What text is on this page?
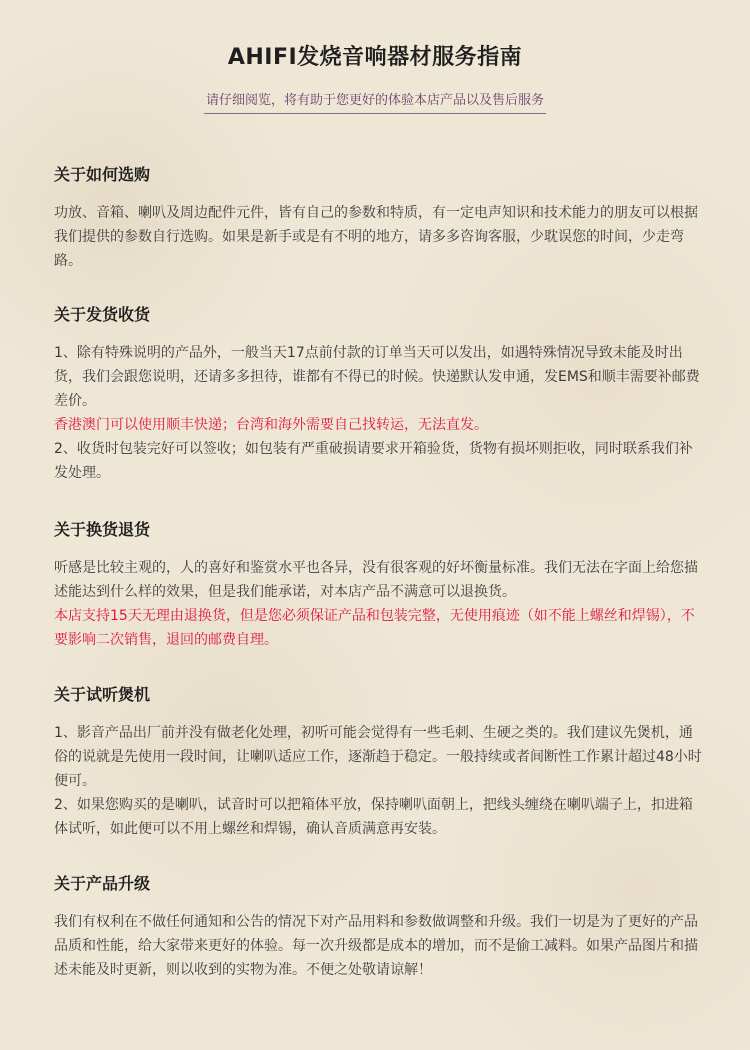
AHIFI发烧音响器材服务指南
请仔细阅览，将有助于您更好的体验本店产品以及售后服务
关于如何选购

功放、音箱、喇叭及周边配件元件，皆有自己的参数和特质，有一定电声知识和技术能力的朋友可以根据我们提供的参数自行选购。如果是新手或是有不明的地方，请多多咨询客服，少耽误您的时间，少走弯路。

关于发货收货

1、除有特殊说明的产品外，一般当天17点前付款的订单当天可以发出，如遇特殊情况导致未能及时出货，我们会跟您说明，还请多多担待，谁都有不得已的时候。快递默认发申通，发EMS和顺丰需要补邮费差价。

香港澳门可以使用顺丰快递；台湾和海外需要自己找转运，无法直发。

2、收货时包装完好可以签收；如包装有严重破损请要求开箱验货，货物有损坏则拒收，同时联系我们补发处理。

关于换货退货

听感是比较主观的，人的喜好和鉴赏水平也各异，没有很客观的好坏衡量标准。我们无法在字面上给您描述能达到什么样的效果，但是我们能承诺，对本店产品不满意可以退换货。

本店支持15天无理由退换货，但是您必须保证产品和包装完整，无使用痕迹（如不能上螺丝和焊锡），不要影响二次销售，退回的邮费自理。

关于试听煲机

1、影音产品出厂前并没有做老化处理，初听可能会觉得有一些毛刺、生硬之类的。我们建议先煲机，通俗的说就是先使用一段时间，让喇叭适应工作，逐渐趋于稳定。一般持续或者间断性工作累计超过48小时便可。

2、如果您购买的是喇叭，试音时可以把箱体平放，保持喇叭面朝上，把线头缠绕在喇叭端子上，扣进箱体试听，如此便可以不用上螺丝和焊锡，确认音质满意再安装。

关于产品升级

我们有权利在不做任何通知和公告的情况下对产品用料和参数做调整和升级。我们一切是为了更好的产品品质和性能，给大家带来更好的体验。每一次升级都是成本的增加，而不是偷工减料。如果产品图片和描述未能及时更新，则以收到的实物为准。不便之处敬请谅解！
